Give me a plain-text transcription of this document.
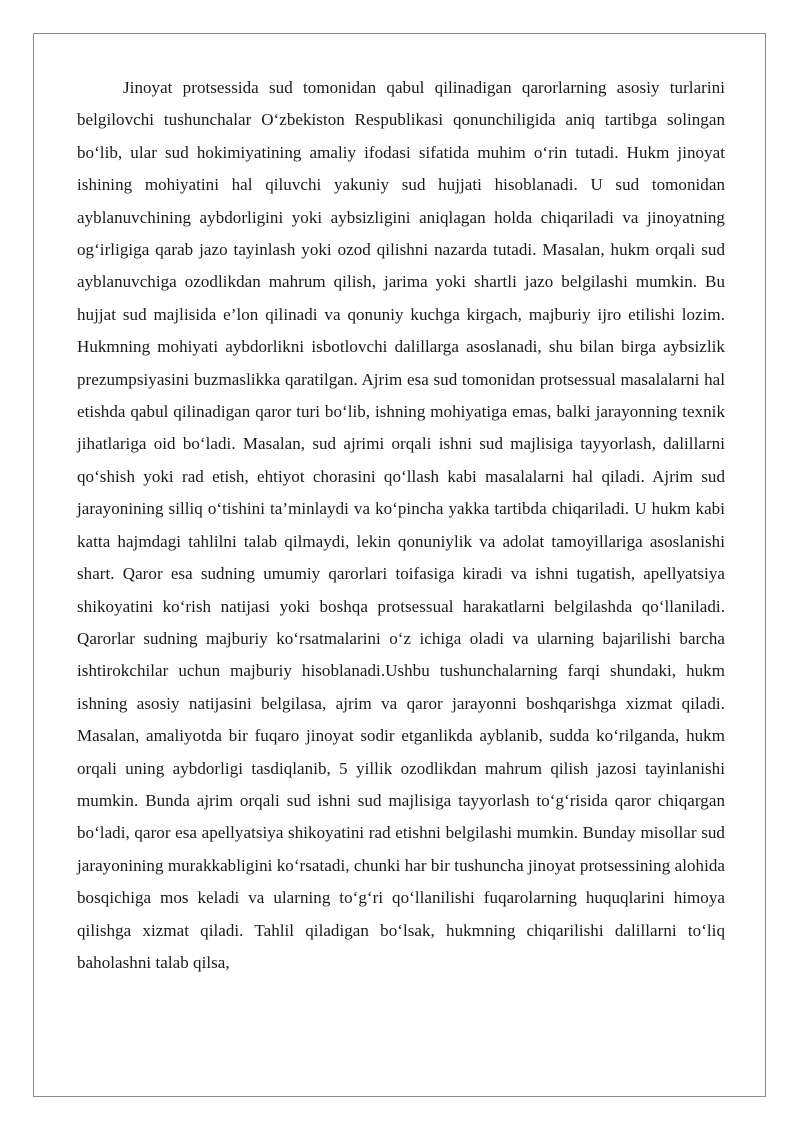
Jinoyat protsessida sud tomonidan qabul qilinadigan qarorlarning asosiy turlarini belgilovchi tushunchalar O‘zbekiston Respublikasi qonunchiligida aniq tartibga solingan bo‘lib, ular sud hokimiyatining amaliy ifodasi sifatida muhim o‘rin tutadi. Hukm jinoyat ishining mohiyatini hal qiluvchi yakuniy sud hujjati hisoblanadi. U sud tomonidan ayblanuvchining aybdorligini yoki aybsizligini aniqlagan holda chiqariladi va jinoyatning og‘irligiga qarab jazo tayinlash yoki ozod qilishni nazarda tutadi. Masalan, hukm orqali sud ayblanuvchiga ozodlikdan mahrum qilish, jarima yoki shartli jazo belgilashi mumkin. Bu hujjat sud majlisida e’lon qilinadi va qonuniy kuchga kirgach, majburiy ijro etilishi lozim. Hukmning mohiyati aybdorlikni isbotlovchi dalillarga asoslanadi, shu bilan birga aybsizlik prezumpsiyasini buzmaslikka qaratilgan. Ajrim esa sud tomonidan protsessual masalalarni hal etishda qabul qilinadigan qaror turi bo‘lib, ishning mohiyatiga emas, balki jarayonning texnik jihatlariga oid bo‘ladi. Masalan, sud ajrimi orqali ishni sud majlisiga tayyorlash, dalillarni qo‘shish yoki rad etish, ehtiyot chorasini qo‘llash kabi masalalarni hal qiladi. Ajrim sud jarayonining silliq o‘tishini ta’minlaydi va ko‘pincha yakka tartibda chiqariladi. U hukm kabi katta hajmdagi tahlilni talab qilmaydi, lekin qonuniylik va adolat tamoyillariga asoslanishi shart. Qaror esa sudning umumiy qarorlari toifasiga kiradi va ishni tugatish, apellyatsiya shikoyatini ko‘rish natijasi yoki boshqa protsessual harakatlarni belgilashda qo‘llaniladi. Qarorlar sudning majburiy ko‘rsatmalarini o‘z ichiga oladi va ularning bajarilishi barcha ishtirokchilar uchun majburiy hisoblanadi.Ushbu tushunchalarning farqi shundaki, hukm ishning asosiy natijasini belgilasa, ajrim va qaror jarayonni boshqarishga xizmat qiladi. Masalan, amaliyotda bir fuqaro jinoyat sodir etganlikda ayblanib, sudda ko‘rilganda, hukm orqali uning aybdorligi tasdiqlanib, 5 yillik ozodlikdan mahrum qilish jazosi tayinlanishi mumkin. Bunda ajrim orqali sud ishni sud majlisiga tayyorlash to‘g‘risida qaror chiqargan bo‘ladi, qaror esa apellyatsiya shikoyatini rad etishni belgilashi mumkin. Bunday misollar sud jarayonining murakkabligini ko‘rsatadi, chunki har bir tushuncha jinoyat protsessining alohida bosqichiga mos keladi va ularning to‘g‘ri qo‘llanilishi fuqarolarning huquqlarini himoya qilishga xizmat qiladi. Tahlil qiladigan bo‘lsak, hukmning chiqarilishi dalillarni to‘liq baholashni talab qilsa,
